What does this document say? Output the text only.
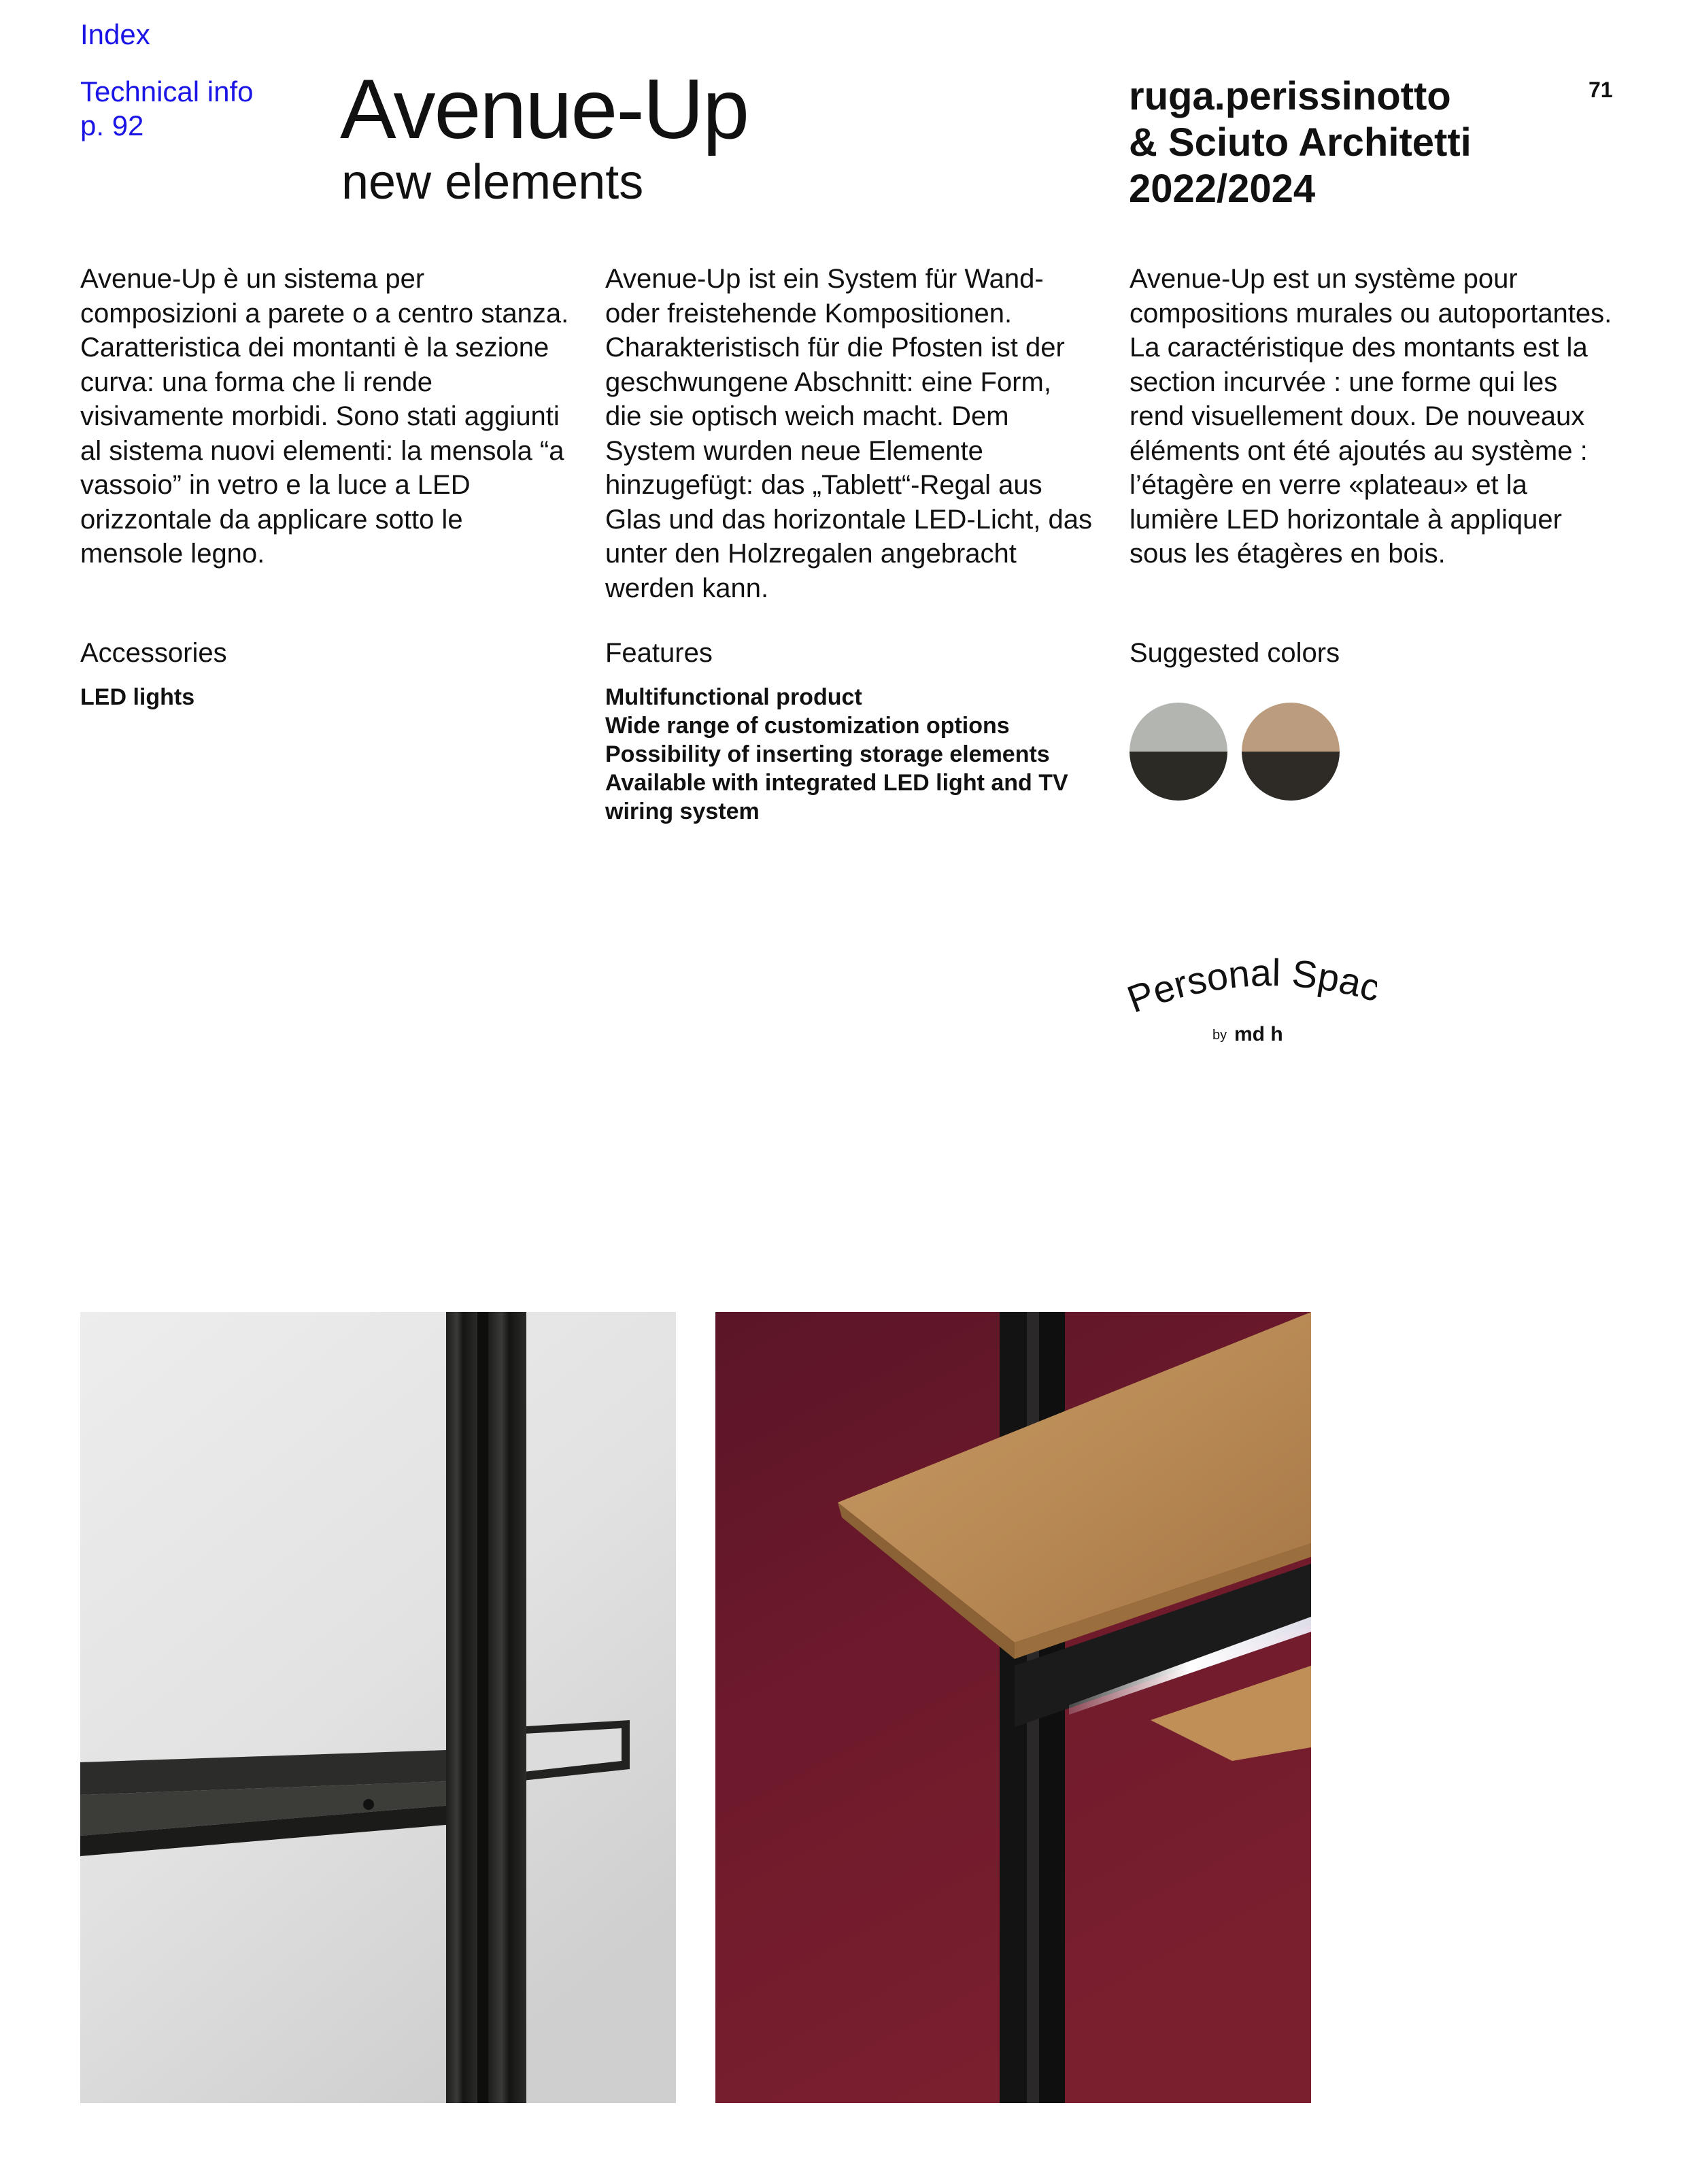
Index
Technical info
p. 92	Avenue-Up
new elements
ruga.perissinotto
& Sciuto Architetti
2022/2024
71
Avenue-Up è un sistema per composizioni a parete o a centro stanza. Caratteristica dei montanti è la sezione curva: una forma che li rende visivamente morbidi. Sono stati aggiunti al sistema nuovi elementi: la mensola “a vassoio” in vetro e la luce a LED orizzontale da applicare sotto le mensole legno.
Avenue-Up ist ein System für Wand- oder freistehende Kompositionen. Charakteristisch für die Pfosten ist der geschwungene Abschnitt: eine Form, die sie optisch weich macht. Dem System wurden neue Elemente hinzugefügt: das „Tablett“-Regal aus Glas und das horizontale LED-Licht, das unter den Holzregalen angebracht werden kann.
Avenue-Up est un système pour compositions murales ou autoportantes. La caractéristique des montants est la section incurvée : une forme qui les rend visuellement doux. De nouveaux éléments ont été ajoutés au système : l’étagère en verre «plateau» et la lumière LED horizontale à appliquer sous les étagères en bois.
Accessories
LED lights
Features
Multifunctional product
Wide range of customization options
Possibility of inserting storage elements
Available with integrated LED light and TV
wiring system
Suggested colors
Personal Spa
by md h
